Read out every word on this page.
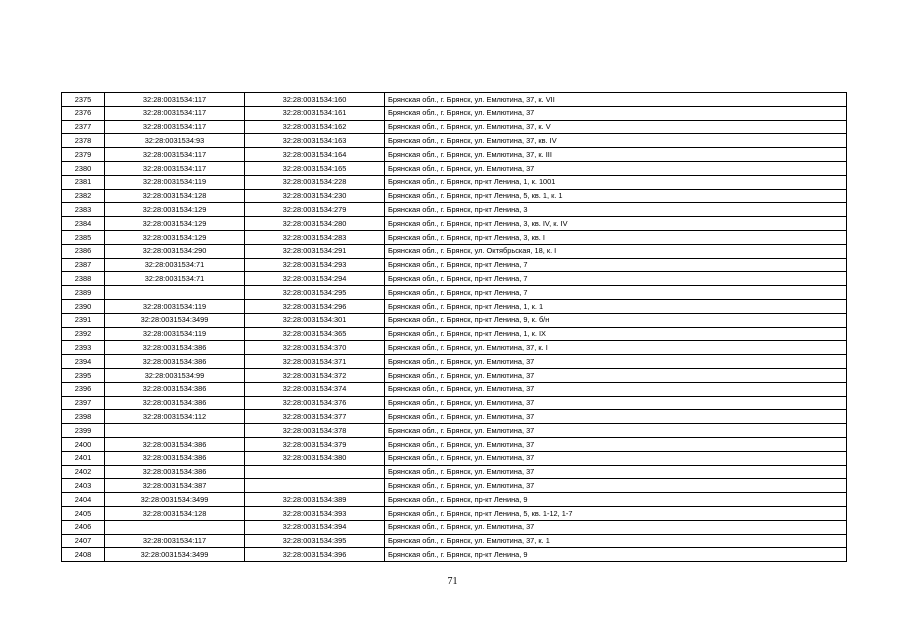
2375	32:28:0031534:117	32:28:0031534:160	Брянская обл., г. Брянск, ул. Емлютина, 37, к. VII
2376	32:28:0031534:117	32:28:0031534:161	Брянская обл., г. Брянск, ул. Емлютина, 37
2377	32:28:0031534:117	32:28:0031534:162	Брянская обл., г. Брянск, ул. Емлютина, 37, к. V
2378	32:28:0031534:93	32:28:0031534:163	Брянская обл., г. Брянск, ул. Емлютина, 37, кв. IV
2379	32:28:0031534:117	32:28:0031534:164	Брянская обл., г. Брянск, ул. Емлютина, 37, к. III
2380	32:28:0031534:117	32:28:0031534:165	Брянская обл., г. Брянск, ул. Емлютина, 37
2381	32:28:0031534:119	32:28:0031534:228	Брянская обл., г. Брянск, пр-кт Ленина, 1, к. 1001
2382	32:28:0031534:128	32:28:0031534:230	Брянская обл., г. Брянск, пр-кт Ленина, 5, кв. 1, к. 1
2383	32:28:0031534:129	32:28:0031534:279	Брянская обл., г. Брянск, пр-кт Ленина, 3
2384	32:28:0031534:129	32:28:0031534:280	Брянская обл., г. Брянск, пр-кт Ленина, 3, кв. IV, к. IV
2385	32:28:0031534:129	32:28:0031534:283	Брянская обл., г. Брянск, пр-кт Ленина, 3, кв. I
2386	32:28:0031534:290	32:28:0031534:291	Брянская обл., г. Брянск, ул. Октябрьская, 18, к. I
2387	32:28:0031534:71	32:28:0031534:293	Брянская обл., г. Брянск, пр-кт Ленина, 7
2388	32:28:0031534:71	32:28:0031534:294	Брянская обл., г. Брянск, пр-кт Ленина, 7
2389		32:28:0031534:295	Брянская обл., г. Брянск, пр-кт Ленина, 7
2390	32:28:0031534:119	32:28:0031534:296	Брянская обл., г. Брянск, пр-кт Ленина, 1, к. 1
2391	32:28:0031534:3499	32:28:0031534:301	Брянская обл., г. Брянск, пр-кт Ленина, 9, к. б/н
2392	32:28:0031534:119	32:28:0031534:365	Брянская обл., г. Брянск, пр-кт Ленина, 1, к. IX
2393	32:28:0031534:386	32:28:0031534:370	Брянская обл., г. Брянск, ул. Емлютина, 37, к. I
2394	32:28:0031534:386	32:28:0031534:371	Брянская обл., г. Брянск, ул. Емлютина, 37
2395	32:28:0031534:99	32:28:0031534:372	Брянская обл., г. Брянск, ул. Емлютина, 37
2396	32:28:0031534:386	32:28:0031534:374	Брянская обл., г. Брянск, ул. Емлютина, 37
2397	32:28:0031534:386	32:28:0031534:376	Брянская обл., г. Брянск, ул. Емлютина, 37
2398	32:28:0031534:112	32:28:0031534:377	Брянская обл., г. Брянск, ул. Емлютина, 37
2399		32:28:0031534:378	Брянская обл., г. Брянск, ул. Емлютина, 37
2400	32:28:0031534:386	32:28:0031534:379	Брянская обл., г. Брянск, ул. Емлютина, 37
2401	32:28:0031534:386	32:28:0031534:380	Брянская обл., г. Брянск, ул. Емлютина, 37
2402	32:28:0031534:386		Брянская обл., г. Брянск, ул. Емлютина, 37
2403	32:28:0031534:387		Брянская обл., г. Брянск, ул. Емлютина, 37
2404	32:28:0031534:3499	32:28:0031534:389	Брянская обл., г. Брянск, пр-кт Ленина, 9
2405	32:28:0031534:128	32:28:0031534:393	Брянская обл., г. Брянск, пр-кт Ленина, 5, кв. 1-12, 1-7
2406		32:28:0031534:394	Брянская обл., г. Брянск, ул. Емлютина, 37
2407	32:28:0031534:117	32:28:0031534:395	Брянская обл., г. Брянск, ул. Емлютина, 37, к. 1
2408	32:28:0031534:3499	32:28:0031534:396	Брянская обл., г. Брянск, пр-кт Ленина, 9
71
